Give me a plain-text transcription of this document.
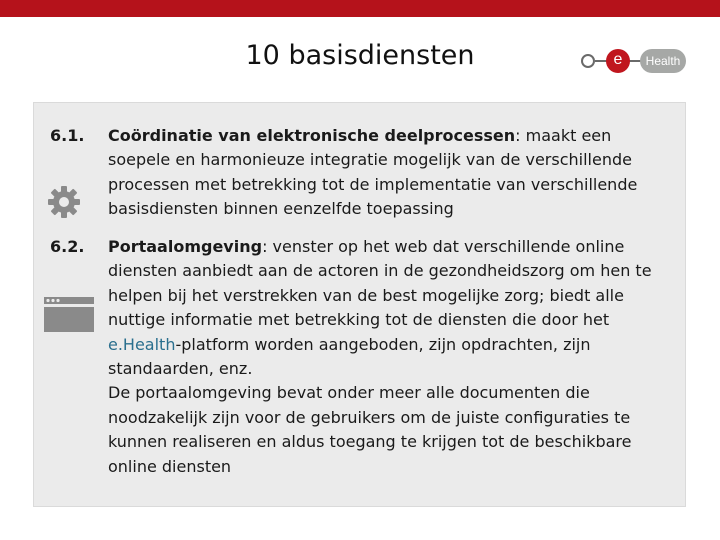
10 basisdiensten	e	Health

6.1. Coördinatie van elektronische deelprocessen: maakt een soepele en harmonieuze integratie mogelijk van de verschillende processen met betrekking tot de implementatie van verschillende basisdiensten binnen eenzelfde toepassing

6.2. Portaalomgeving: venster op het web dat verschillende online diensten aanbiedt aan de actoren in de gezondheidszorg om hen te helpen bij het verstrekken van de best mogelijke zorg; biedt alle nuttige informatie met betrekking tot de diensten die door het e.Health-platform worden aangeboden, zijn opdrachten, zijn standaarden, enz.
De portaalomgeving bevat onder meer alle documenten die noodzakelijk zijn voor de gebruikers om de juiste configuraties te kunnen realiseren en aldus toegang te krijgen tot de beschikbare online diensten
